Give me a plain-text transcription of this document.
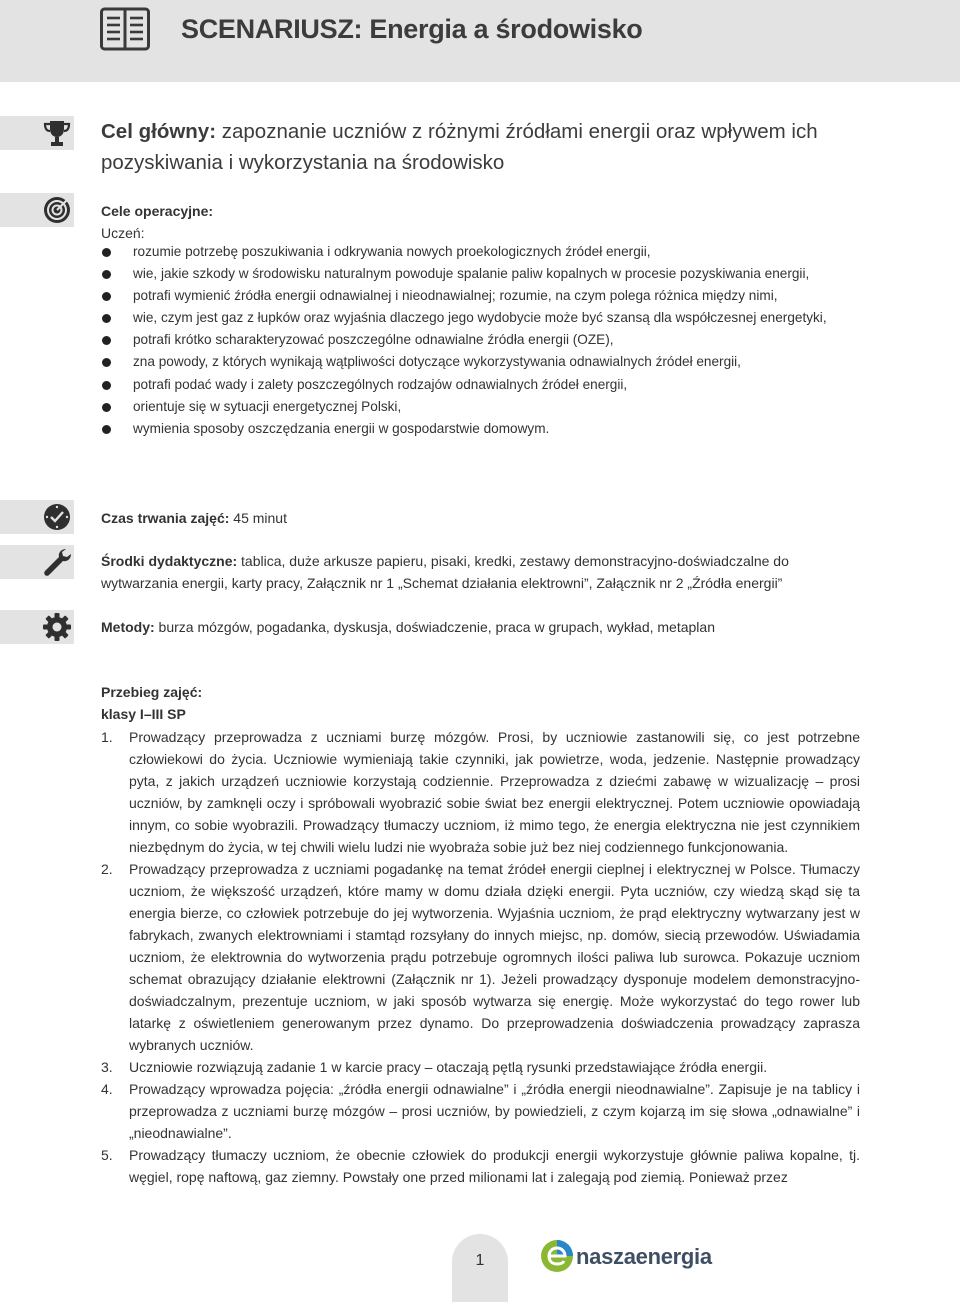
SCENARIUSZ: Energia a środowisko
Cel główny: zapoznanie uczniów z różnymi źródłami energii oraz wpływem ich pozyskiwania i wykorzystania na środowisko
Cele operacyjne:
Uczeń:
rozumie potrzebę poszukiwania i odkrywania nowych proekologicznych źródeł energii,
wie, jakie szkody w środowisku naturalnym powoduje spalanie paliw kopalnych w procesie pozyskiwania energii,
potrafi wymienić źródła energii odnawialnej i nieodnawialnej; rozumie, na czym polega różnica między nimi,
wie, czym jest gaz z łupków oraz wyjaśnia dlaczego jego wydobycie może być szansą dla współczesnej energetyki,
potrafi krótko scharakteryzować poszczególne odnawialne źródła energii (OZE),
zna powody, z których wynikają wątpliwości dotyczące wykorzystywania odnawialnych źródeł energii,
potrafi podać wady i zalety poszczególnych rodzajów odnawialnych źródeł energii,
orientuje się w sytuacji energetycznej Polski,
wymienia sposoby oszczędzania energii w gospodarstwie domowym.
Czas trwania zajęć: 45 minut
Środki dydaktyczne: tablica, duże arkusze papieru, pisaki, kredki, zestawy demonstracyjno-doświadczalne do wytwarzania energii, karty pracy, Załącznik nr 1 „Schemat działania elektrowni”, Załącznik nr 2 „Źródła energii”
Metody: burza mózgów, pogadanka, dyskusja, doświadczenie, praca w grupach, wykład, metaplan
Przebieg zajęć:
klasy I–III SP
1. Prowadzący przeprowadza z uczniami burzę mózgów. Prosi, by uczniowie zastanowili się, co jest potrzebne człowiekowi do życia. Uczniowie wymieniają takie czynniki, jak powietrze, woda, jedzenie. Następnie prowadzący pyta, z jakich urządzeń uczniowie korzystają codziennie. Przeprowadza z dziećmi zabawę w wizualizację – prosi uczniów, by zamknęli oczy i spróbowali wyobrazić sobie świat bez energii elektrycznej. Potem uczniowie opowiadają innym, co sobie wyobrazili. Prowadzący tłumaczy uczniom, iż mimo tego, że energia elektryczna nie jest czynnikiem niezbędnym do życia, w tej chwili wielu ludzi nie wyobraża sobie już bez niej codziennego funkcjonowania.
2. Prowadzący przeprowadza z uczniami pogadankę na temat źródeł energii cieplnej i elektrycznej w Polsce. Tłumaczy uczniom, że większość urządzeń, które mamy w domu działa dzięki energii. Pyta uczniów, czy wiedzą skąd się ta energia bierze, co człowiek potrzebuje do jej wytworzenia. Wyjaśnia uczniom, że prąd elektryczny wytwarzany jest w fabrykach, zwanych elektrowniami i stamtąd rozsyłany do innych miejsc, np. domów, siecią przewodów. Uświadamia uczniom, że elektrownia do wytworzenia prądu potrzebuje ogromnych ilości paliwa lub surowca. Pokazuje uczniom schemat obrazujący działanie elektrowni (Załącznik nr 1). Jeżeli prowadzący dysponuje modelem demonstracyjno-doświadczalnym, prezentuje uczniom, w jaki sposób wytwarza się energię. Może wykorzystać do tego rower lub latarkę z oświetleniem generowanym przez dynamo. Do przeprowadzenia doświadczenia prowadzący zaprasza wybranych uczniów.
3. Uczniowie rozwiązują zadanie 1 w karcie pracy – otaczają pętlą rysunki przedstawiające źródła energii.
4. Prowadzący wprowadza pojęcia: „źródła energii odnawialne” i „źródła energii nieodnawialne”. Zapisuje je na tablicy i przeprowadza z uczniami burzę mózgów – prosi uczniów, by powiedzieli, z czym kojarzą im się słowa „odnawialne” i „nieodnawialne”.
5. Prowadzący tłumaczy uczniom, że obecnie człowiek do produkcji energii wykorzystuje głównie paliwa kopalne, tj. węgiel, ropę naftową, gaz ziemny. Powstały one przed milionami lat i zalegają pod ziemią. Ponieważ przez
1	naszaenergia
